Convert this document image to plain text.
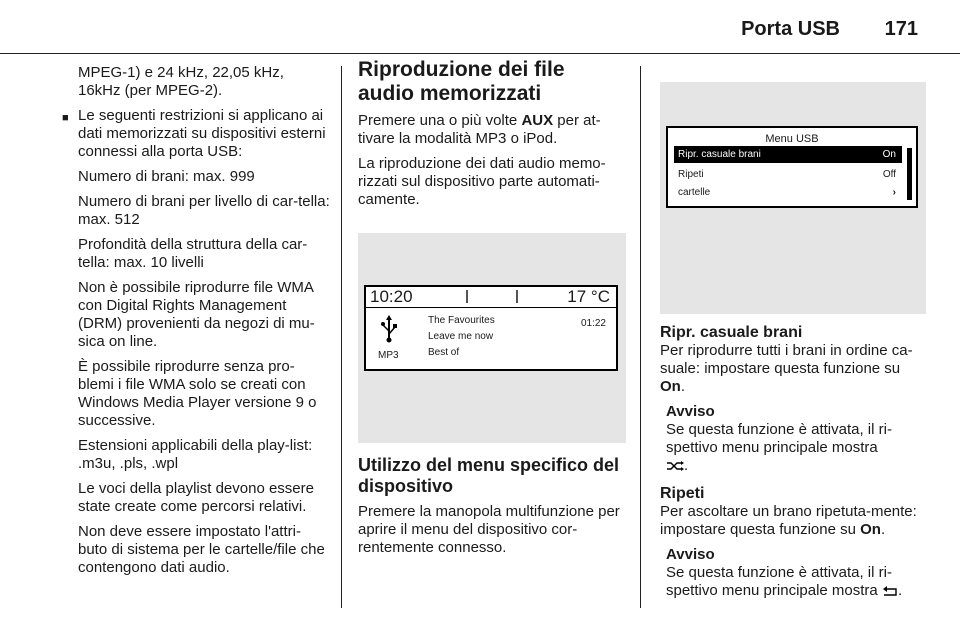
Porta USB 171

MPEG-1) e 24 kHz, 22,05 kHz, 16kHz (per MPEG-2).

■ Le seguenti restrizioni si applicano ai dati memorizzati su dispositivi esterni connessi alla porta USB:

Numero di brani: max. 999

Numero di brani per livello di car-tella: max. 512

Profondità della struttura della car-tella: max. 10 livelli

Non è possibile riprodurre file WMA con Digital Rights Management (DRM) provenienti da negozi di mu-sica on line.

È possibile riprodurre senza pro-blemi i file WMA solo se creati con Windows Media Player versione 9 o successive.

Estensioni applicabili della play-list: .m3u, .pls, .wpl

Le voci della playlist devono essere state create come percorsi relativi.

Non deve essere impostato l'attri-buto di sistema per le cartelle/file che contengono dati audio.

Riproduzione dei file audio memorizzati

Premere una o più volte AUX per at-tivare la modalità MP3 o iPod.

La riproduzione dei dati audio memo-rizzati sul dispositivo parte automati-camente.

10:20	17 °C
MP3
The Favourites
Leave me now
Best of
01:22
Utilizzo del menu specifico del dispositivo

Premere la manopola multifunzione per aprire il menu del dispositivo cor-rentemente connesso.

Menu USB
Ripr. casuale brani	On
Ripeti	Off
cartelle	›
Ripr. casuale brani

Per riprodurre tutti i brani in ordine ca-suale: impostare questa funzione su On.

Avviso
Se questa funzione è attivata, il ri-spettivo menu principale mostra
.
Ripeti

Per ascoltare un brano ripetuta-mente: impostare questa funzione su On.

Avviso
Se questa funzione è attivata, il ri-spettivo menu principale mostra .
